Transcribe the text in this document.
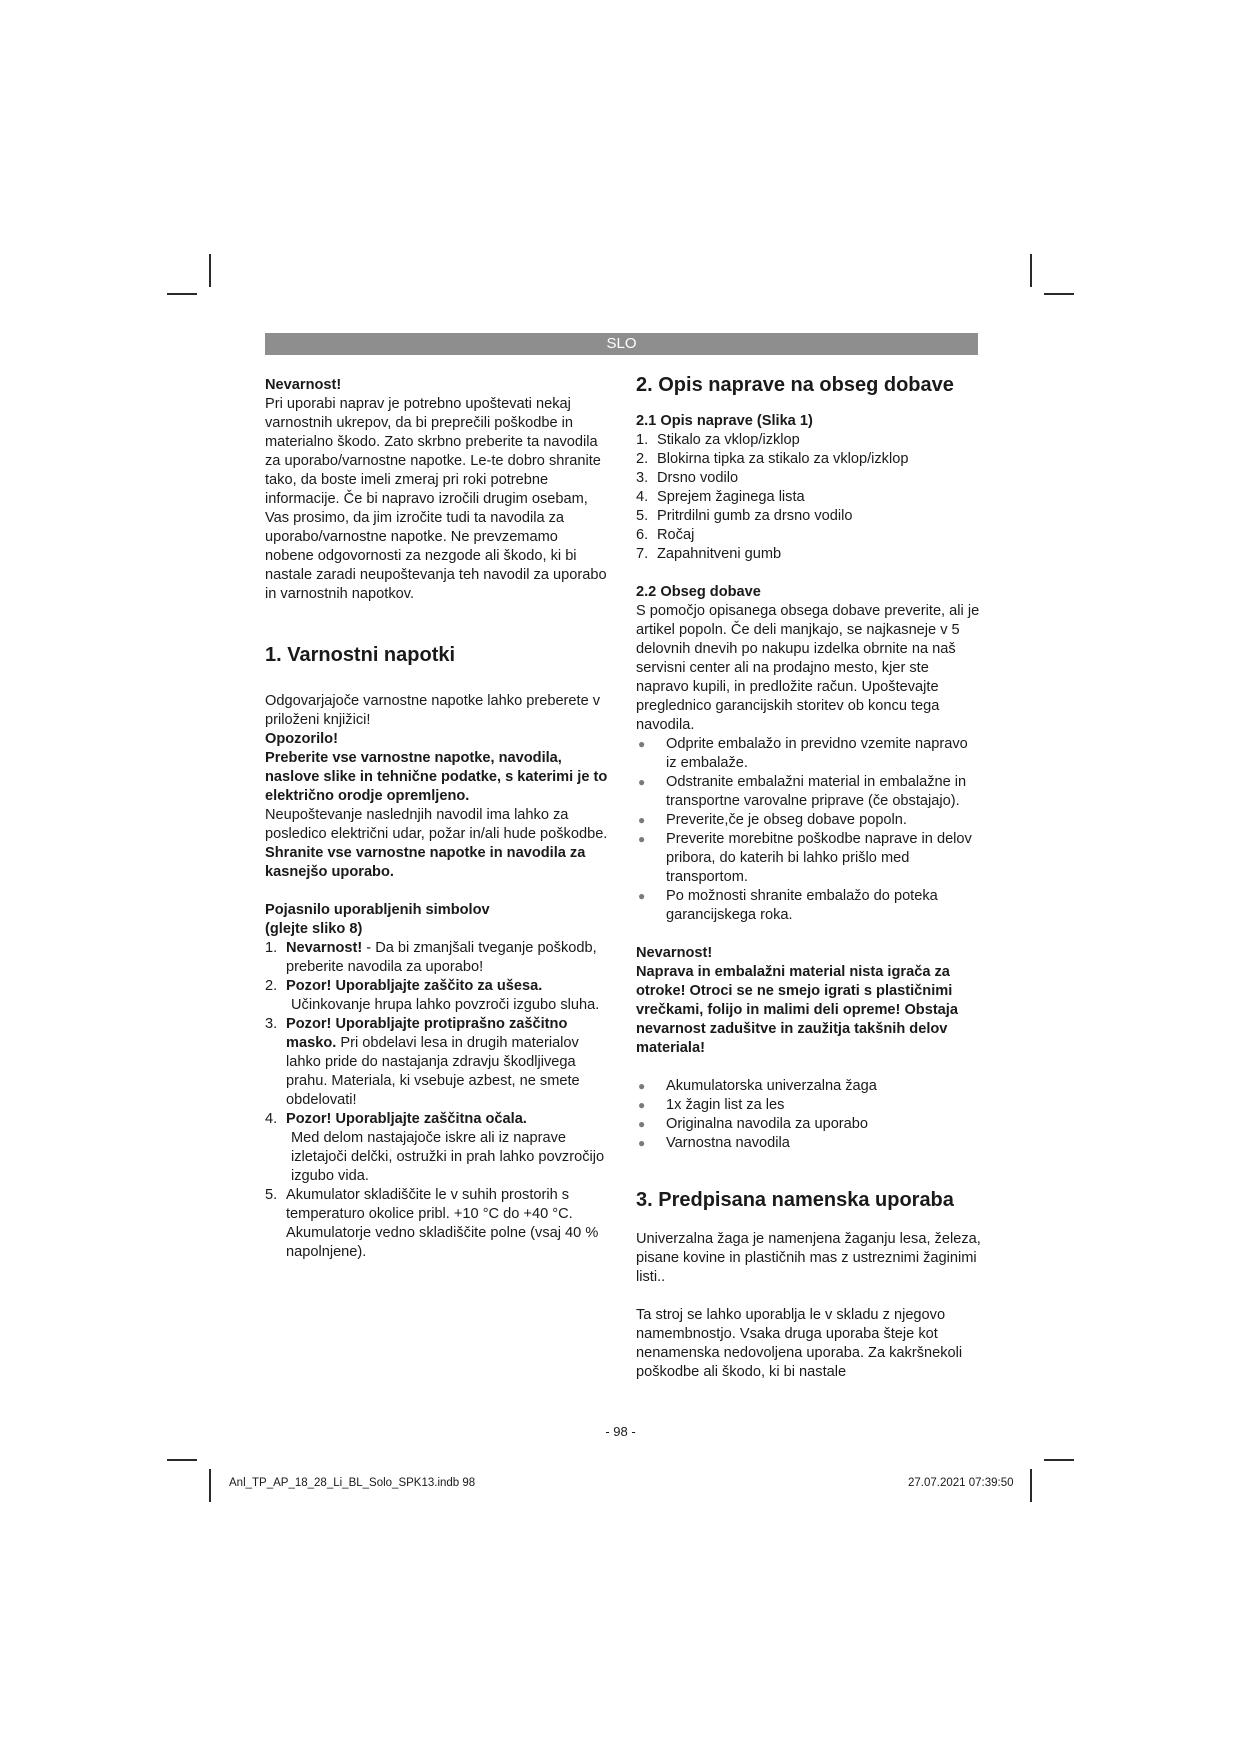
SLO

Nevarnost!

Pri uporabi naprav je potrebno upoštevati nekaj varnostnih ukrepov, da bi preprečili poškodbe in materialno škodo. Zato skrbno preberite ta navodila za uporabo/varnostne napotke. Le-te dobro shranite tako, da boste imeli zmeraj pri roki potrebne informacije. Če bi napravo izročili drugim osebam, Vas prosimo, da jim izročite tudi ta navodila za uporabo/varnostne napotke. Ne prevzemamo nobene odgovornosti za nezgode ali škodo, ki bi nastale zaradi neupoštevanja teh navodil za uporabo in varnostnih napotkov.

1. Varnostni napotki

Odgovarjajoče varnostne napotke lahko preberete v priloženi knjižici!

Opozorilo!

Preberite vse varnostne napotke, navodila, naslove slike in tehnične podatke, s katerimi je to električno orodje opremljeno.

Neupoštevanje naslednjih navodil ima lahko za posledico električni udar, požar in/ali hude poškodbe.

Shranite vse varnostne napotke in navodila za kasnejšo uporabo.

Pojasnilo uporabljenih simbolov

(glejte sliko 8)

1. Nevarnost! - Da bi zmanjšali tveganje poškodb, preberite navodila za uporabo!
2. Pozor! Uporabljajte zaščito za ušesa.
Učinkovanje hrupa lahko povzroči izgubo sluha.
3. Pozor! Uporabljajte protiprašno zaščitno masko. Pri obdelavi lesa in drugih materialov lahko pride do nastajanja zdravju škodljivega prahu. Materiala, ki vsebuje azbest, ne smete obdelovati!
4. Pozor! Uporabljajte zaščitna očala.
Med delom nastajajoče iskre ali iz naprave izletajoči delčki, ostružki in prah lahko povzročijo izgubo vida.
5. Akumulator skladiščite le v suhih prostorih s temperaturo okolice pribl. +10 °C do +40 °C. Akumulatorje vedno skladiščite polne (vsaj 40 % napolnjene).

2. Opis naprave na obseg dobave

2.1 Opis naprave (Slika 1)

1. Stikalo za vklop/izklop
2. Blokirna tipka za stikalo za vklop/izklop
3. Drsno vodilo
4. Sprejem žaginega lista
5. Pritrdilni gumb za drsno vodilo
6. Ročaj
7. Zapahnitveni gumb

2.2 Obseg dobave

S pomočjo opisanega obsega dobave preverite, ali je artikel popoln. Če deli manjkajo, se najkasneje v 5 delovnih dnevih po nakupu izdelka obrnite na naš servisni center ali na prodajno mesto, kjer ste napravo kupili, in predložite račun. Upoštevajte preglednico garancijskih storitev ob koncu tega navodila.

●	Odprite embalažo in previdno vzemite napravo iz embalaže.
●	Odstranite embalažni material in embalažne in transportne varovalne priprave (če obstajajo).
●	Preverite,če je obseg dobave popoln.
●	Preverite morebitne poškodbe naprave in delov pribora, do katerih bi lahko prišlo med transportom.
●	Po možnosti shranite embalažo do poteka garancijskega roka.

Nevarnost!

Naprava in embalažni material nista igrača za otroke! Otroci se ne smejo igrati s plastičnimi vrečkami, folijo in malimi deli opreme! Obstaja nevarnost zadušitve in zaužitja takšnih delov materiala!

●	Akumulatorska univerzalna žaga
●	1x žagin list za les
●	Originalna navodila za uporabo
●	Varnostna navodila

3. Predpisana namenska uporaba

Univerzalna žaga je namenjena žaganju lesa, železa, pisane kovine in plastičnih mas z ustreznimi žaginimi listi..

Ta stroj se lahko uporablja le v skladu z njegovo namembnostjo. Vsaka druga uporaba šteje kot nenamenska nedovoljena uporaba. Za kakršnekoli poškodbe ali škodo, ki bi nastale

- 98 -
Anl_TP_AP_18_28_Li_BL_Solo_SPK13.indb 98	27.07.2021 07:39:50
